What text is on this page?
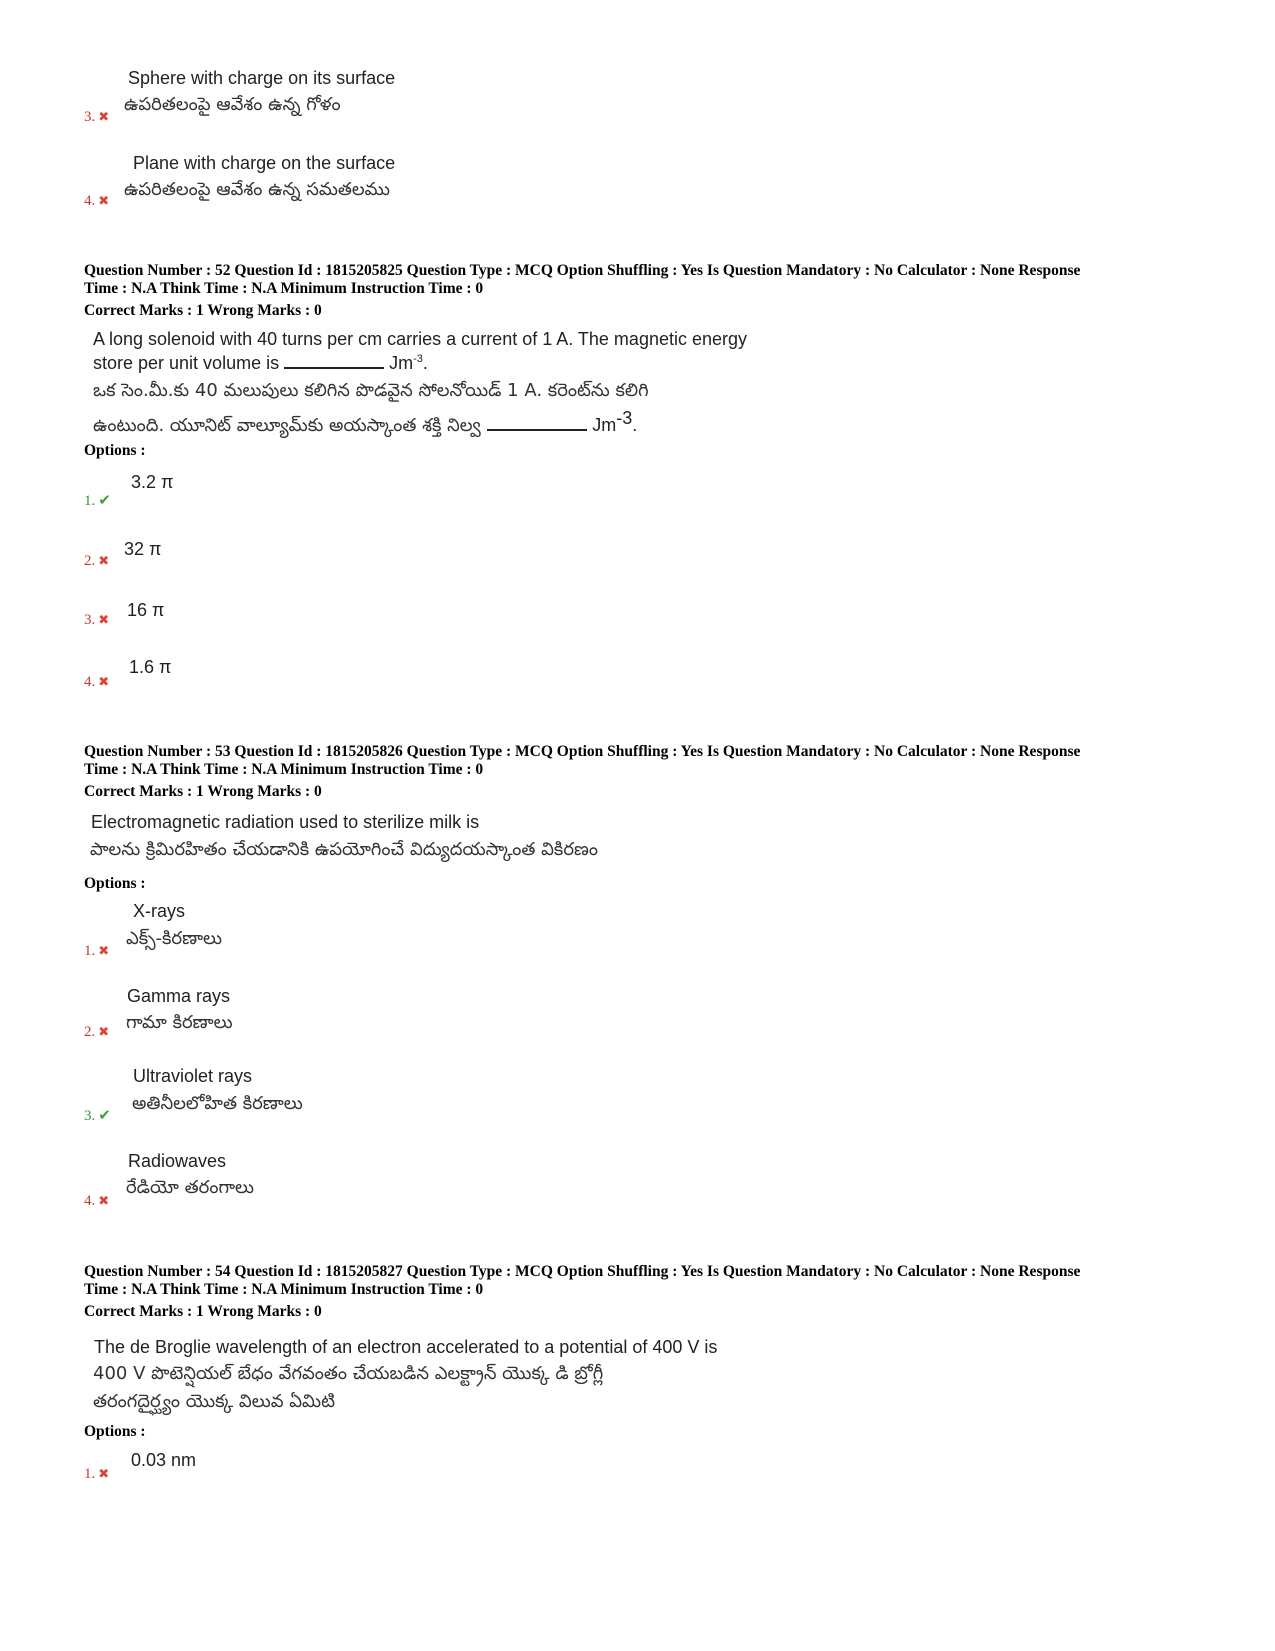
Sphere with charge on its surface
ఉపరితలంపై ఆవేశం ఉన్న గోళం
3. ✖
Plane with charge on the surface
ఉపరితలంపై ఆవేశం ఉన్న సమతలము
4. ✖
Question Number : 52 Question Id : 1815205825 Question Type : MCQ Option Shuffling : Yes Is Question Mandatory : No Calculator : None Response
Time : N.A Think Time : N.A Minimum Instruction Time : 0
Correct Marks : 1 Wrong Marks : 0
A long solenoid with 40 turns per cm carries a current of 1 A. The magnetic energy
store per unit volume is	$Jm^{-3}$.
ఒక సెం.మీ.కు 40 మలుపులు కలిగిన పొడవైన సోలనోయిడ్ 1 A. కరెంట్‌ను కలిగి
ఉంటుంది. యూనిట్ వాల్యూమ్‌కు అయస్కాంత శక్తి నిల్వ	$Jm^{-3}$.
Options :
3.2 π
1. ✔
32 π
2. ✖
16 π
3. ✖
1.6 π
4. ✖
Question Number : 53 Question Id : 1815205826 Question Type : MCQ Option Shuffling : Yes Is Question Mandatory : No Calculator : None Response
Time : N.A Think Time : N.A Minimum Instruction Time : 0
Correct Marks : 1 Wrong Marks : 0
Electromagnetic radiation used to sterilize milk is
పాలను క్రిమిరహితం చేయడానికి ఉపయోగించే విద్యుదయస్కాంత వికిరణం
Options :
X-rays
ఎక్స్-కిరణాలు
1. ✖
Gamma rays
గామా కిరణాలు
2. ✖
Ultraviolet rays
అతినీలలోహిత కిరణాలు
3. ✔
Radiowaves
రేడియో తరంగాలు
4. ✖
Question Number : 54 Question Id : 1815205827 Question Type : MCQ Option Shuffling : Yes Is Question Mandatory : No Calculator : None Response
Time : N.A Think Time : N.A Minimum Instruction Time : 0
Correct Marks : 1 Wrong Marks : 0
The de Broglie wavelength of an electron accelerated to a potential of 400 V is
400 V పొటెన్షియల్ బేధం వేగవంతం చేయబడిన ఎలక్ట్రాన్ యొక్క డి బ్రోగ్లీ
తరంగదైర్ఘ్యం యొక్క విలువ ఏమిటి
Options :
0.03 nm
1. ✖
